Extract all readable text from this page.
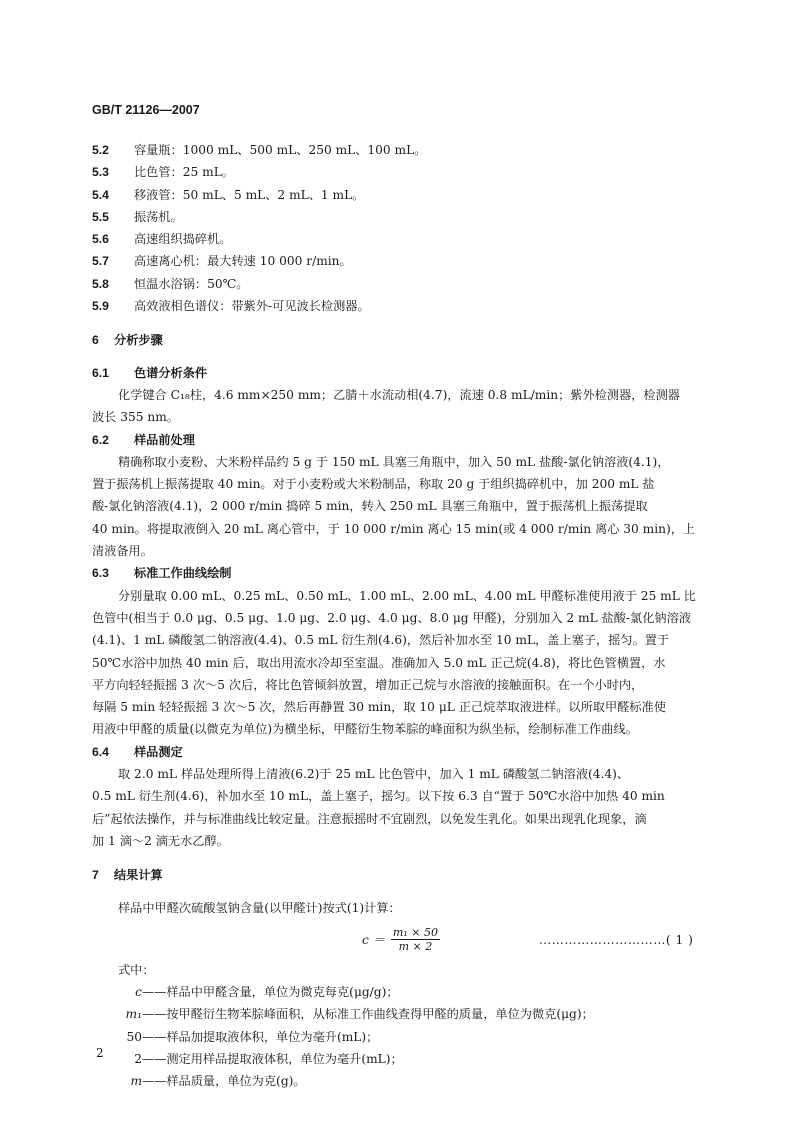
GB/T 21126—2007
5.2	容量瓶：1000 mL、500 mL、250 mL、100 mL。
5.3	比色管：25 mL。
5.4	移液管：50 mL、5 mL、2 mL、1 mL。
5.5	振荡机。
5.6	高速组织捣碎机。
5.7	高速离心机：最大转速 10 000 r/min。
5.8	恒温水浴锅：50℃。
5.9	高效液相色谱仪：带紫外-可见波长检测器。
6	分析步骤
6.1	色谱分析条件
化学键合 C₁₈柱，4.6 mm×250 mm；乙腈＋水流动相(4.7)，流速 0.8 mL/min；紫外检测器，检测器
波长 355 nm。
6.2	样品前处理
精确称取小麦粉、大米粉样品约 5 g 于 150 mL 具塞三角瓶中，加入 50 mL 盐酸-氯化钠溶液(4.1)，
置于振荡机上振荡提取 40 min。对于小麦粉或大米粉制品，称取 20 g 于组织捣碎机中，加 200 mL 盐
酸-氯化钠溶液(4.1)，2 000 r/min 捣碎 5 min，转入 250 mL 具塞三角瓶中，置于振荡机上振荡提取
40 min。将提取液倒入 20 mL 离心管中，于 10 000 r/min 离心 15 min(或 4 000 r/min 离心 30 min)，上
清液备用。
6.3	标准工作曲线绘制
分别量取 0.00 mL、0.25 mL、0.50 mL、1.00 mL、2.00 mL、4.00 mL 甲醛标准使用液于 25 mL 比
色管中(相当于 0.0 μg、0.5 μg、1.0 μg、2.0 μg、4.0 μg、8.0 μg 甲醛)，分别加入 2 mL 盐酸-氯化钠溶液
(4.1)、1 mL 磷酸氢二钠溶液(4.4)、0.5 mL 衍生剂(4.6)，然后补加水至 10 mL，盖上塞子，摇匀。置于
50℃水浴中加热 40 min 后，取出用流水冷却至室温。准确加入 5.0 mL 正己烷(4.8)，将比色管横置，水
平方向轻轻振摇 3 次～5 次后，将比色管倾斜放置，增加正己烷与水溶液的接触面积。在一个小时内，
每隔 5 min 轻轻振摇 3 次～5 次，然后再静置 30 min，取 10 μL 正己烷萃取液进样。以所取甲醛标准使
用液中甲醛的质量(以微克为单位)为横坐标，甲醛衍生物苯腙的峰面积为纵坐标，绘制标准工作曲线。
6.4	样品测定
取 2.0 mL 样品处理所得上清液(6.2)于 25 mL 比色管中，加入 1 mL 磷酸氢二钠溶液(4.4)、
0.5 mL 衍生剂(4.6)，补加水至 10 mL，盖上塞子，摇匀。以下按 6.3 自“置于 50℃水浴中加热 40 min
后”起依法操作，并与标准曲线比较定量。注意振摇时不宜剧烈，以免发生乳化。如果出现乳化现象，滴
加 1 滴～2 滴无水乙醇。
7	结果计算
样品中甲醛次硫酸氢钠含量(以甲醛计)按式(1)计算：
$c = \frac{\text{m₁ × 50}}{m \times 2}$	…………………………( 1 )
式中：
c ——样品中甲醛含量，单位为微克每克(μg/g)；
m₁ ——按甲醛衍生物苯腙峰面积，从标准工作曲线查得甲醛的质量，单位为微克(μg)；
50 ——样品加提取液体积，单位为毫升(mL)；
2 ——测定用样品提取液体积，单位为毫升(mL)；
m ——样品质量，单位为克(g)。
2
